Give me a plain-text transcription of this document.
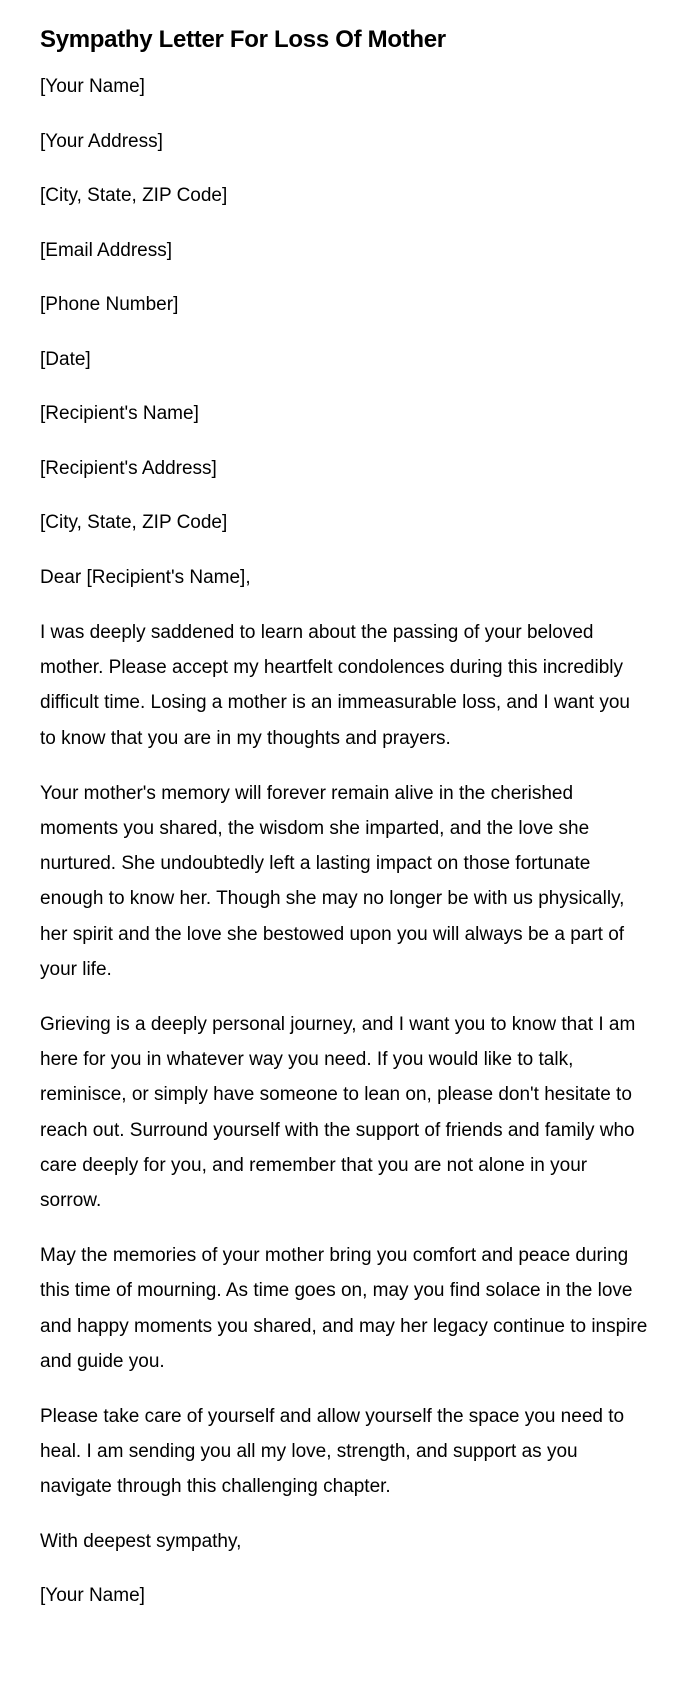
Sympathy Letter For Loss Of Mother

[Your Name]

[Your Address]

[City, State, ZIP Code]

[Email Address]

[Phone Number]

[Date]

[Recipient's Name]

[Recipient's Address]

[City, State, ZIP Code]

Dear [Recipient's Name],

I was deeply saddened to learn about the passing of your beloved mother. Please accept my heartfelt condolences during this incredibly difficult time. Losing a mother is an immeasurable loss, and I want you to know that you are in my thoughts and prayers.

Your mother's memory will forever remain alive in the cherished moments you shared, the wisdom she imparted, and the love she nurtured. She undoubtedly left a lasting impact on those fortunate enough to know her. Though she may no longer be with us physically, her spirit and the love she bestowed upon you will always be a part of your life.

Grieving is a deeply personal journey, and I want you to know that I am here for you in whatever way you need. If you would like to talk, reminisce, or simply have someone to lean on, please don't hesitate to reach out. Surround yourself with the support of friends and family who care deeply for you, and remember that you are not alone in your sorrow.

May the memories of your mother bring you comfort and peace during this time of mourning. As time goes on, may you find solace in the love and happy moments you shared, and may her legacy continue to inspire and guide you.

Please take care of yourself and allow yourself the space you need to heal. I am sending you all my love, strength, and support as you navigate through this challenging chapter.

With deepest sympathy,

[Your Name]
